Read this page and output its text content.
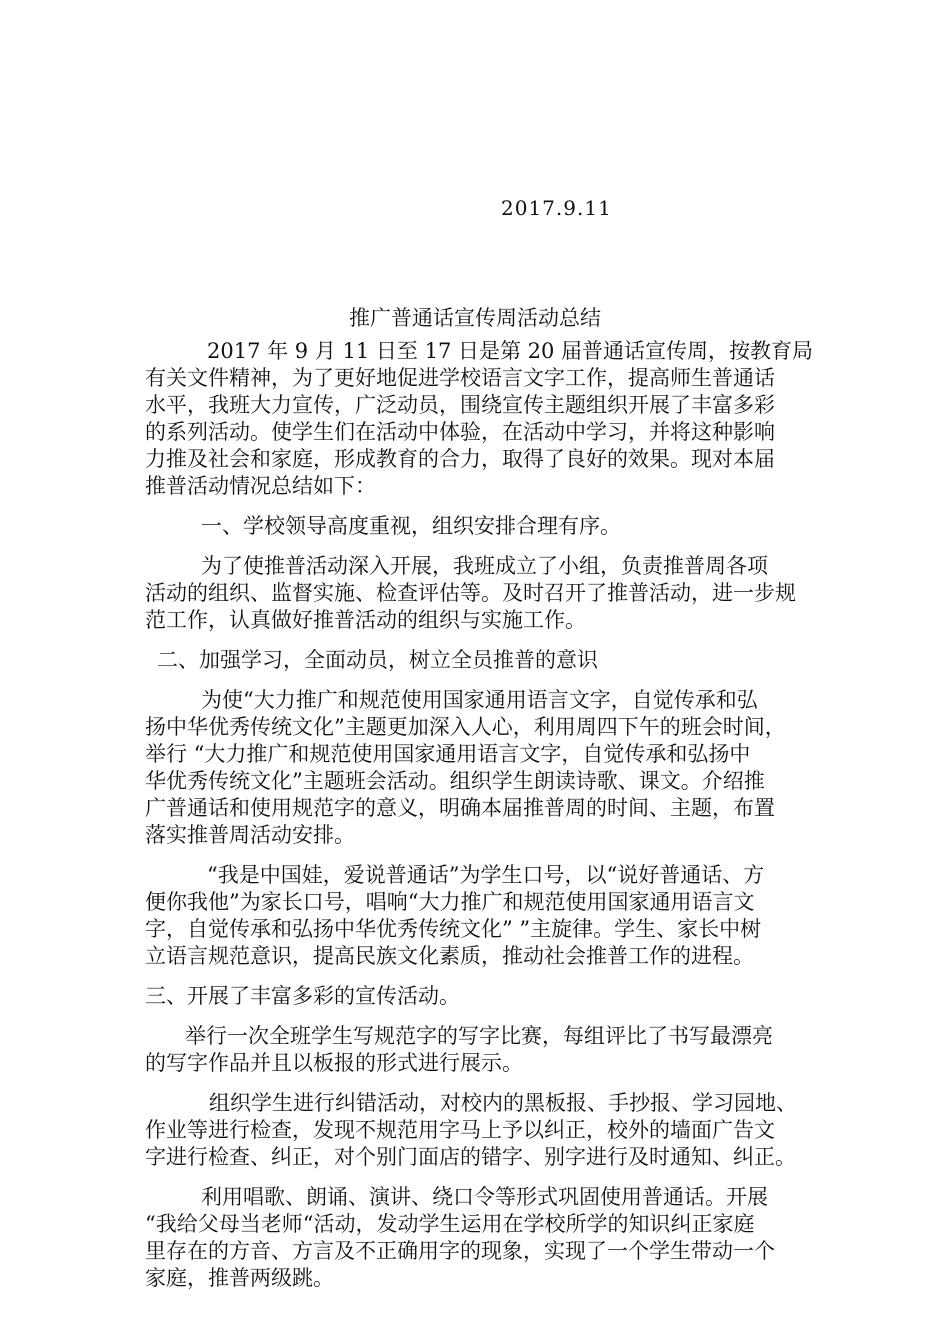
2017.9.11
推广普通话宣传周活动总结
2017 年 9 月 11 日至 17 日是第 20 届普通话宣传周，按教育局
有关文件精神，为了更好地促进学校语言文字工作，提高师生普通话
水平，我班大力宣传，广泛动员，围绕宣传主题组织开展了丰富多彩
的系列活动。使学生们在活动中体验，在活动中学习，并将这种影响
力推及社会和家庭，形成教育的合力，取得了良好的效果。现对本届
推普活动情况总结如下：
一、学校领导高度重视，组织安排合理有序。
为了使推普活动深入开展，我班成立了小组，负责推普周各项
活动的组织、监督实施、检查评估等。及时召开了推普活动，进一步规
范工作，认真做好推普活动的组织与实施工作。
二、加强学习，全面动员，树立全员推普的意识
为使“大力推广和规范使用国家通用语言文字，自觉传承和弘
扬中华优秀传统文化”主题更加深入人心，利用周四下午的班会时间，
举行 “大力推广和规范使用国家通用语言文字，自觉传承和弘扬中
华优秀传统文化”主题班会活动。组织学生朗读诗歌、课文。介绍推
广普通话和使用规范字的意义，明确本届推普周的时间、主题，布置
落实推普周活动安排。
“我是中国娃，爱说普通话”为学生口号，以“说好普通话、方
便你我他”为家长口号，唱响“大力推广和规范使用国家通用语言文
字，自觉传承和弘扬中华优秀传统文化” ”主旋律。学生、家长中树
立语言规范意识，提高民族文化素质，推动社会推普工作的进程。
三、开展了丰富多彩的宣传活动。
举行一次全班学生写规范字的写字比赛，每组评比了书写最漂亮
的写字作品并且以板报的形式进行展示。
组织学生进行纠错活动，对校内的黑板报、手抄报、学习园地、
作业等进行检查，发现不规范用字马上予以纠正，校外的墙面广告文
字进行检查、纠正，对个别门面店的错字、别字进行及时通知、纠正。
利用唱歌、朗诵、演讲、绕口令等形式巩固使用普通话。开展
“我给父母当老师“活动，发动学生运用在学校所学的知识纠正家庭
里存在的方音、方言及不正确用字的现象，实现了一个学生带动一个
家庭，推普两级跳。
